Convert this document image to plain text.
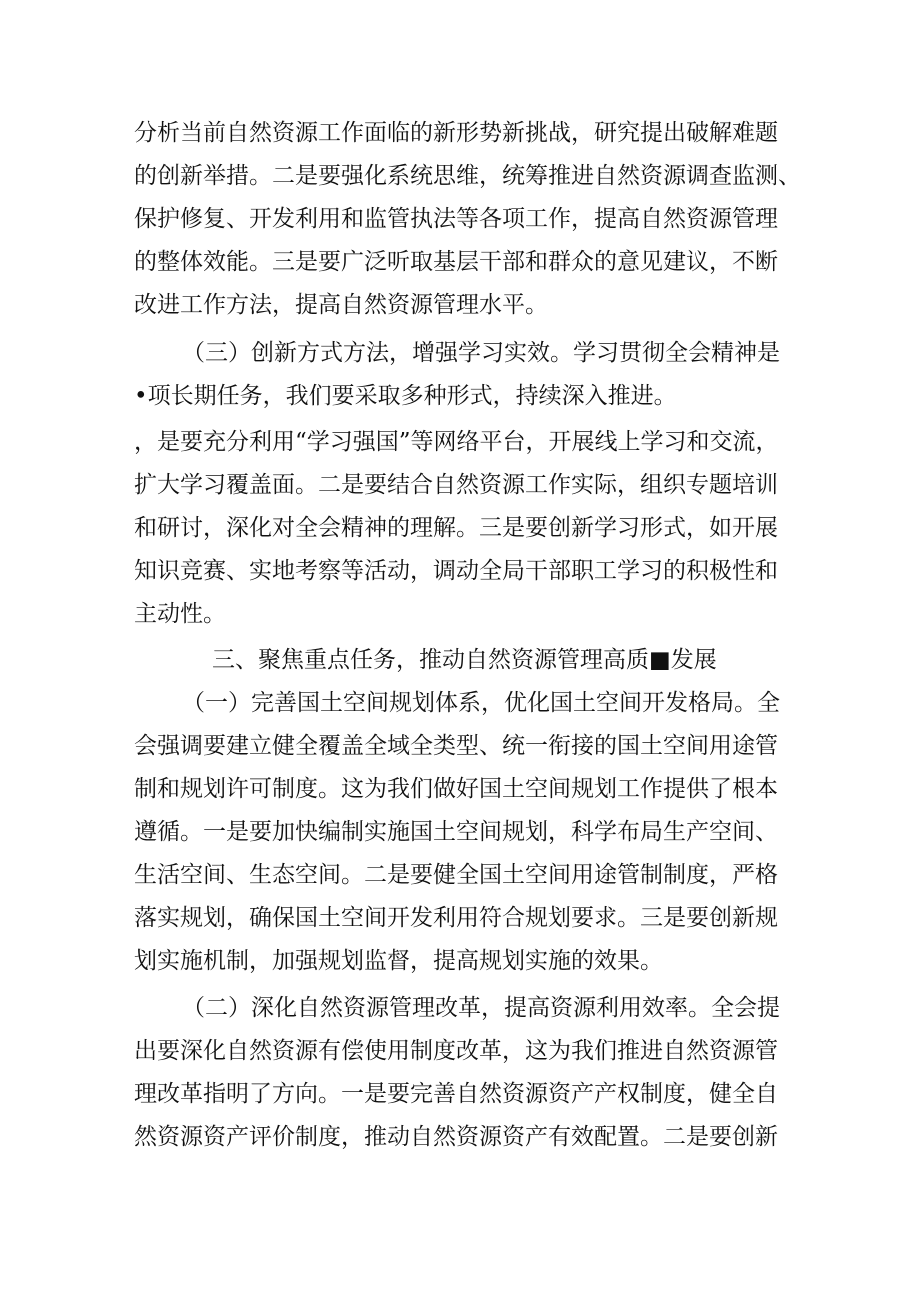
分析当前自然资源工作面临的新形势新挑战，研究提出破解难题
的创新举措。二是要强化系统思维，统筹推进自然资源调查监测、
保护修复、开发利用和监管执法等各项工作，提高自然资源管理
的整体效能。三是要广泛听取基层干部和群众的意见建议，不断
改进工作方法，提高自然资源管理水平。
（三）创新方式方法，增强学习实效。学习贯彻全会精神是
•项长期任务，我们要采取多种形式，持续深入推进。
，是要充分利用“学习强国”等网络平台，开展线上学习和交流，
扩大学习覆盖面。二是要结合自然资源工作实际，组织专题培训
和研讨，深化对全会精神的理解。三是要创新学习形式，如开展
知识竞赛、实地考察等活动，调动全局干部职工学习的积极性和
主动性。
三、聚焦重点任务，推动自然资源管理高质■发展
（一）完善国土空间规划体系，优化国土空间开发格局。全
会强调要建立健全覆盖全域全类型、统一衔接的国土空间用途管
制和规划许可制度。这为我们做好国土空间规划工作提供了根本
遵循。一是要加快编制实施国土空间规划，科学布局生产空间、
生活空间、生态空间。二是要健全国土空间用途管制制度，严格
落实规划，确保国土空间开发利用符合规划要求。三是要创新规
划实施机制，加强规划监督，提高规划实施的效果。
（二）深化自然资源管理改革，提高资源利用效率。全会提
出要深化自然资源有偿使用制度改革，这为我们推进自然资源管
理改革指明了方向。一是要完善自然资源资产产权制度，健全自
然资源资产评价制度，推动自然资源资产有效配置。二是要创新
